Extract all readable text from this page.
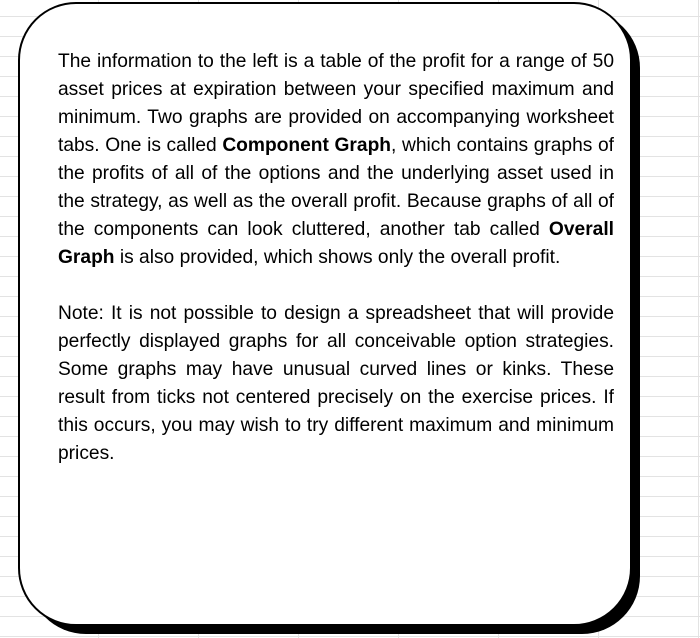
The information to the left is a table of the profit for a range of 50 asset prices at expiration between your specified maximum and minimum. Two graphs are provided on accompanying worksheet tabs. One is called Component Graph, which contains graphs of the profits of all of the options and the underlying asset used in the strategy, as well as the overall profit. Because graphs of all of the components can look cluttered, another tab called Overall Graph is also provided, which shows only the overall profit.

Note: It is not possible to design a spreadsheet that will provide perfectly displayed graphs for all conceivable option strategies. Some graphs may have unusual curved lines or kinks. These result from ticks not centered precisely on the exercise prices. If this occurs, you may wish to try different maximum and minimum prices.
